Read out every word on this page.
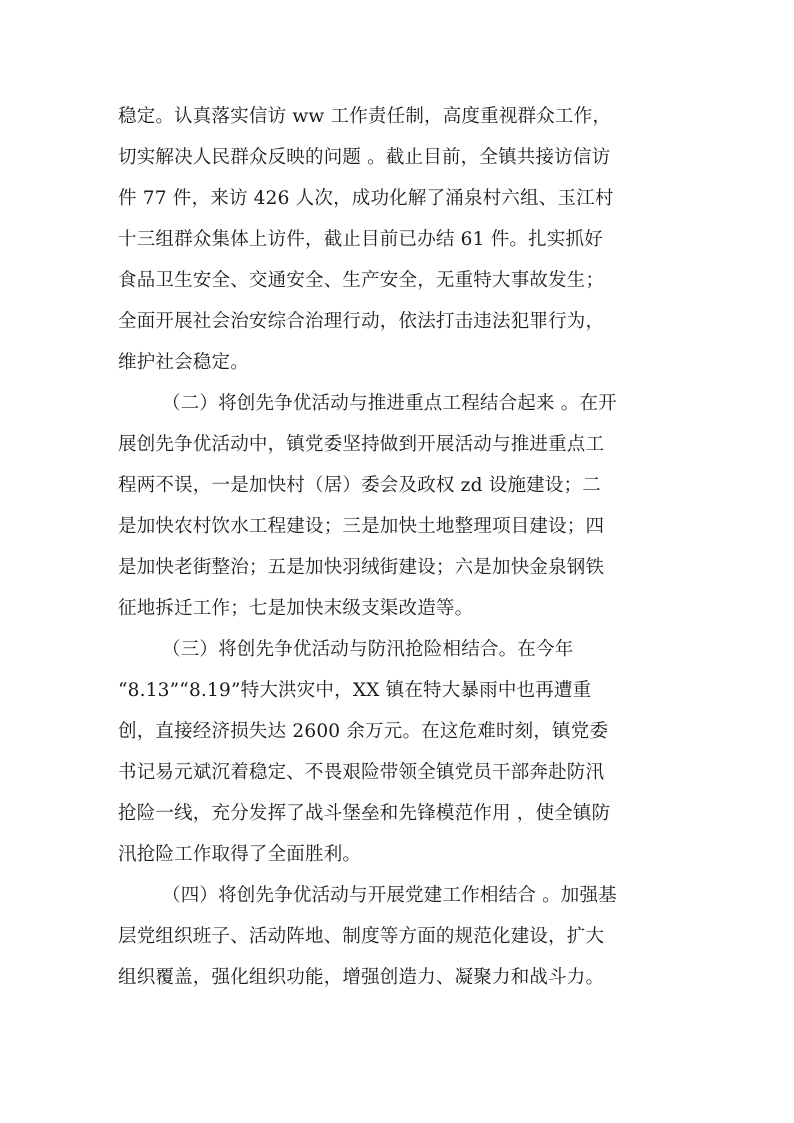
稳定。认真落实信访 ww 工作责任制，高度重视群众工作，
切实解决人民群众反映的问题 。截止目前，全镇共接访信访
件 77 件，来访 426 人次，成功化解了涌泉村六组、玉江村
十三组群众集体上访件，截止目前已办结 61 件。扎实抓好
食品卫生安全、交通安全、生产安全，无重特大事故发生；
全面开展社会治安综合治理行动，依法打击违法犯罪行为，
维护社会稳定。
（二）将创先争优活动与推进重点工程结合起来 。在开
展创先争优活动中，镇党委坚持做到开展活动与推进重点工
程两不误，一是加快村（居）委会及政权 zd 设施建设；二
是加快农村饮水工程建设；三是加快土地整理项目建设；四
是加快老街整治；五是加快羽绒街建设；六是加快金泉钢铁
征地拆迁工作；七是加快末级支渠改造等。
（三）将创先争优活动与防汛抢险相结合。在今年
“8.13”“8.19”特大洪灾中，XX 镇在特大暴雨中也再遭重
创，直接经济损失达 2600 余万元。在这危难时刻，镇党委
书记易元斌沉着稳定、不畏艰险带领全镇党员干部奔赴防汛
抢险一线，充分发挥了战斗堡垒和先锋模范作用 ，使全镇防
汛抢险工作取得了全面胜利。
（四）将创先争优活动与开展党建工作相结合 。加强基
层党组织班子、活动阵地、制度等方面的规范化建设，扩大
组织覆盖，强化组织功能，增强创造力、凝聚力和战斗力。
